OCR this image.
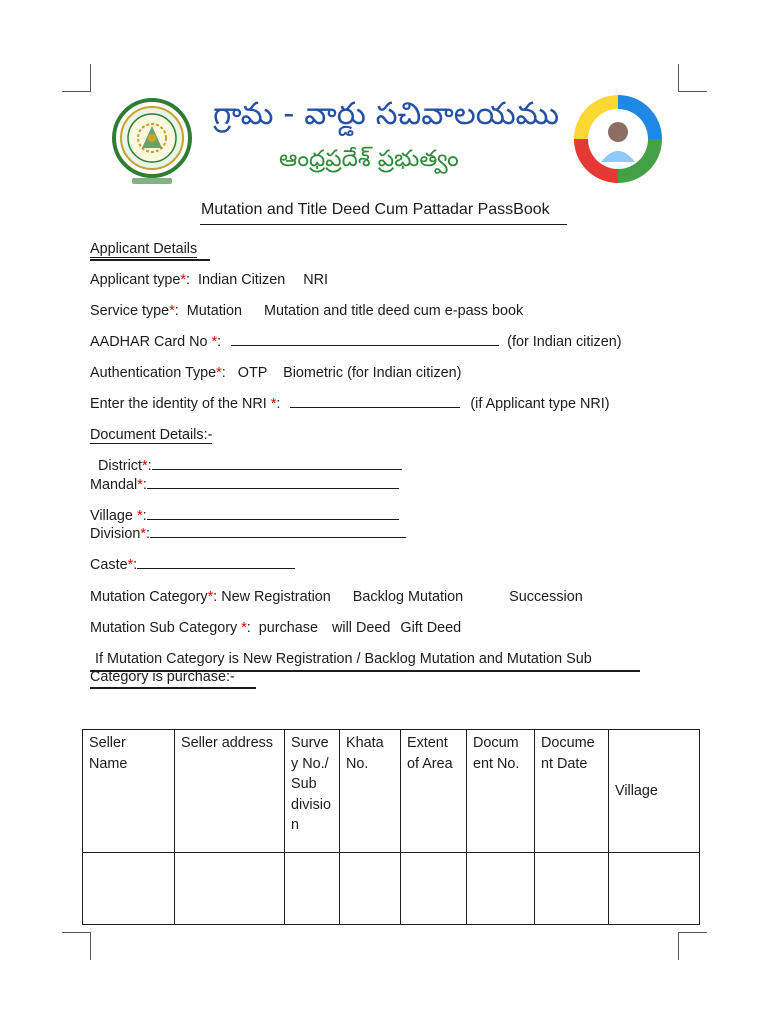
గ్రామ - వార్డు సచివాలయము
ఆంధ్రప్రదేశ్ ప్రభుత్వం
Mutation and Title Deed Cum Pattadar PassBook
Applicant Details
Applicant type*: Indian Citizen NRI
Service type*: Mutation Mutation and title deed cum e-pass book
AADHAR Card No *:	(for Indian citizen)
Authentication Type*: OTP Biometric (for Indian citizen)
Enter the identity of the NRI *:	(if Applicant type NRI)
Document Details:-
District*:
Mandal*:
Village *:
Division*:
Caste*:
Mutation Category*: New Registration Backlog Mutation	Succession
Mutation Sub Category *: purchase will Deed Gift Deed
If Mutation Category is New Registration / Backlog Mutation and Mutation Sub
Category is purchase:-
Seller Name	Seller address	Survey No./ Sub division	Khata No.	Extent of Area	Docum ent No.	Docume nt Date	Village
